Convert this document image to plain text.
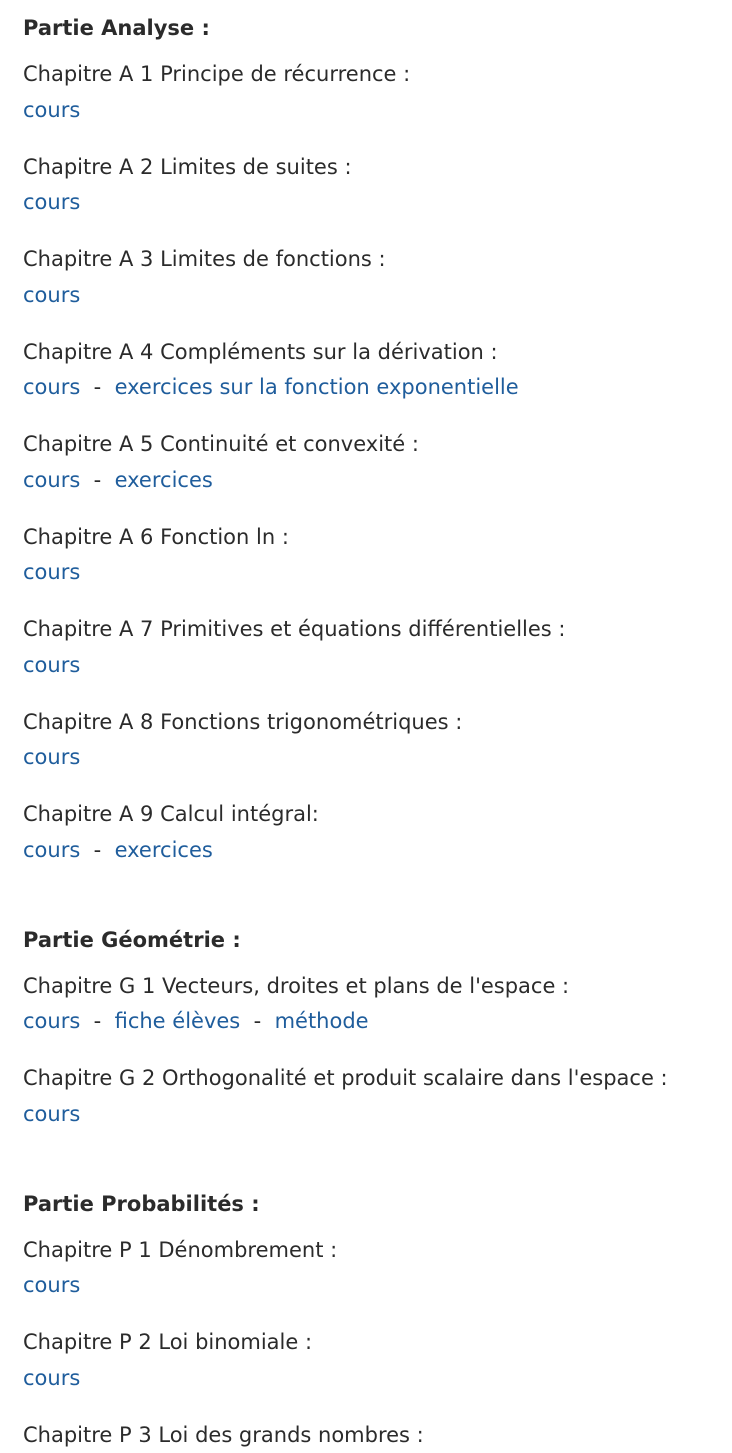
Partie Analyse :
Chapitre A 1 Principe de récurrence :
cours
Chapitre A 2 Limites de suites :
cours
Chapitre A 3 Limites de fonctions :
cours
Chapitre A 4 Compléments sur la dérivation :
cours  -  exercices sur la fonction exponentielle
Chapitre A 5 Continuité et convexité :
cours  -  exercices
Chapitre A 6 Fonction ln :
cours
Chapitre A 7 Primitives et équations différentielles :
cours
Chapitre A 8 Fonctions trigonométriques :
cours
Chapitre A 9 Calcul intégral:
cours  -  exercices
Partie Géométrie :
Chapitre G 1 Vecteurs, droites et plans de l'espace :
cours  -  fiche élèves  -  méthode
Chapitre G 2 Orthogonalité et produit scalaire dans l'espace :
cours
Partie Probabilités :
Chapitre P 1 Dénombrement :
cours
Chapitre P 2 Loi binomiale :
cours
Chapitre P 3 Loi des grands nombres :
